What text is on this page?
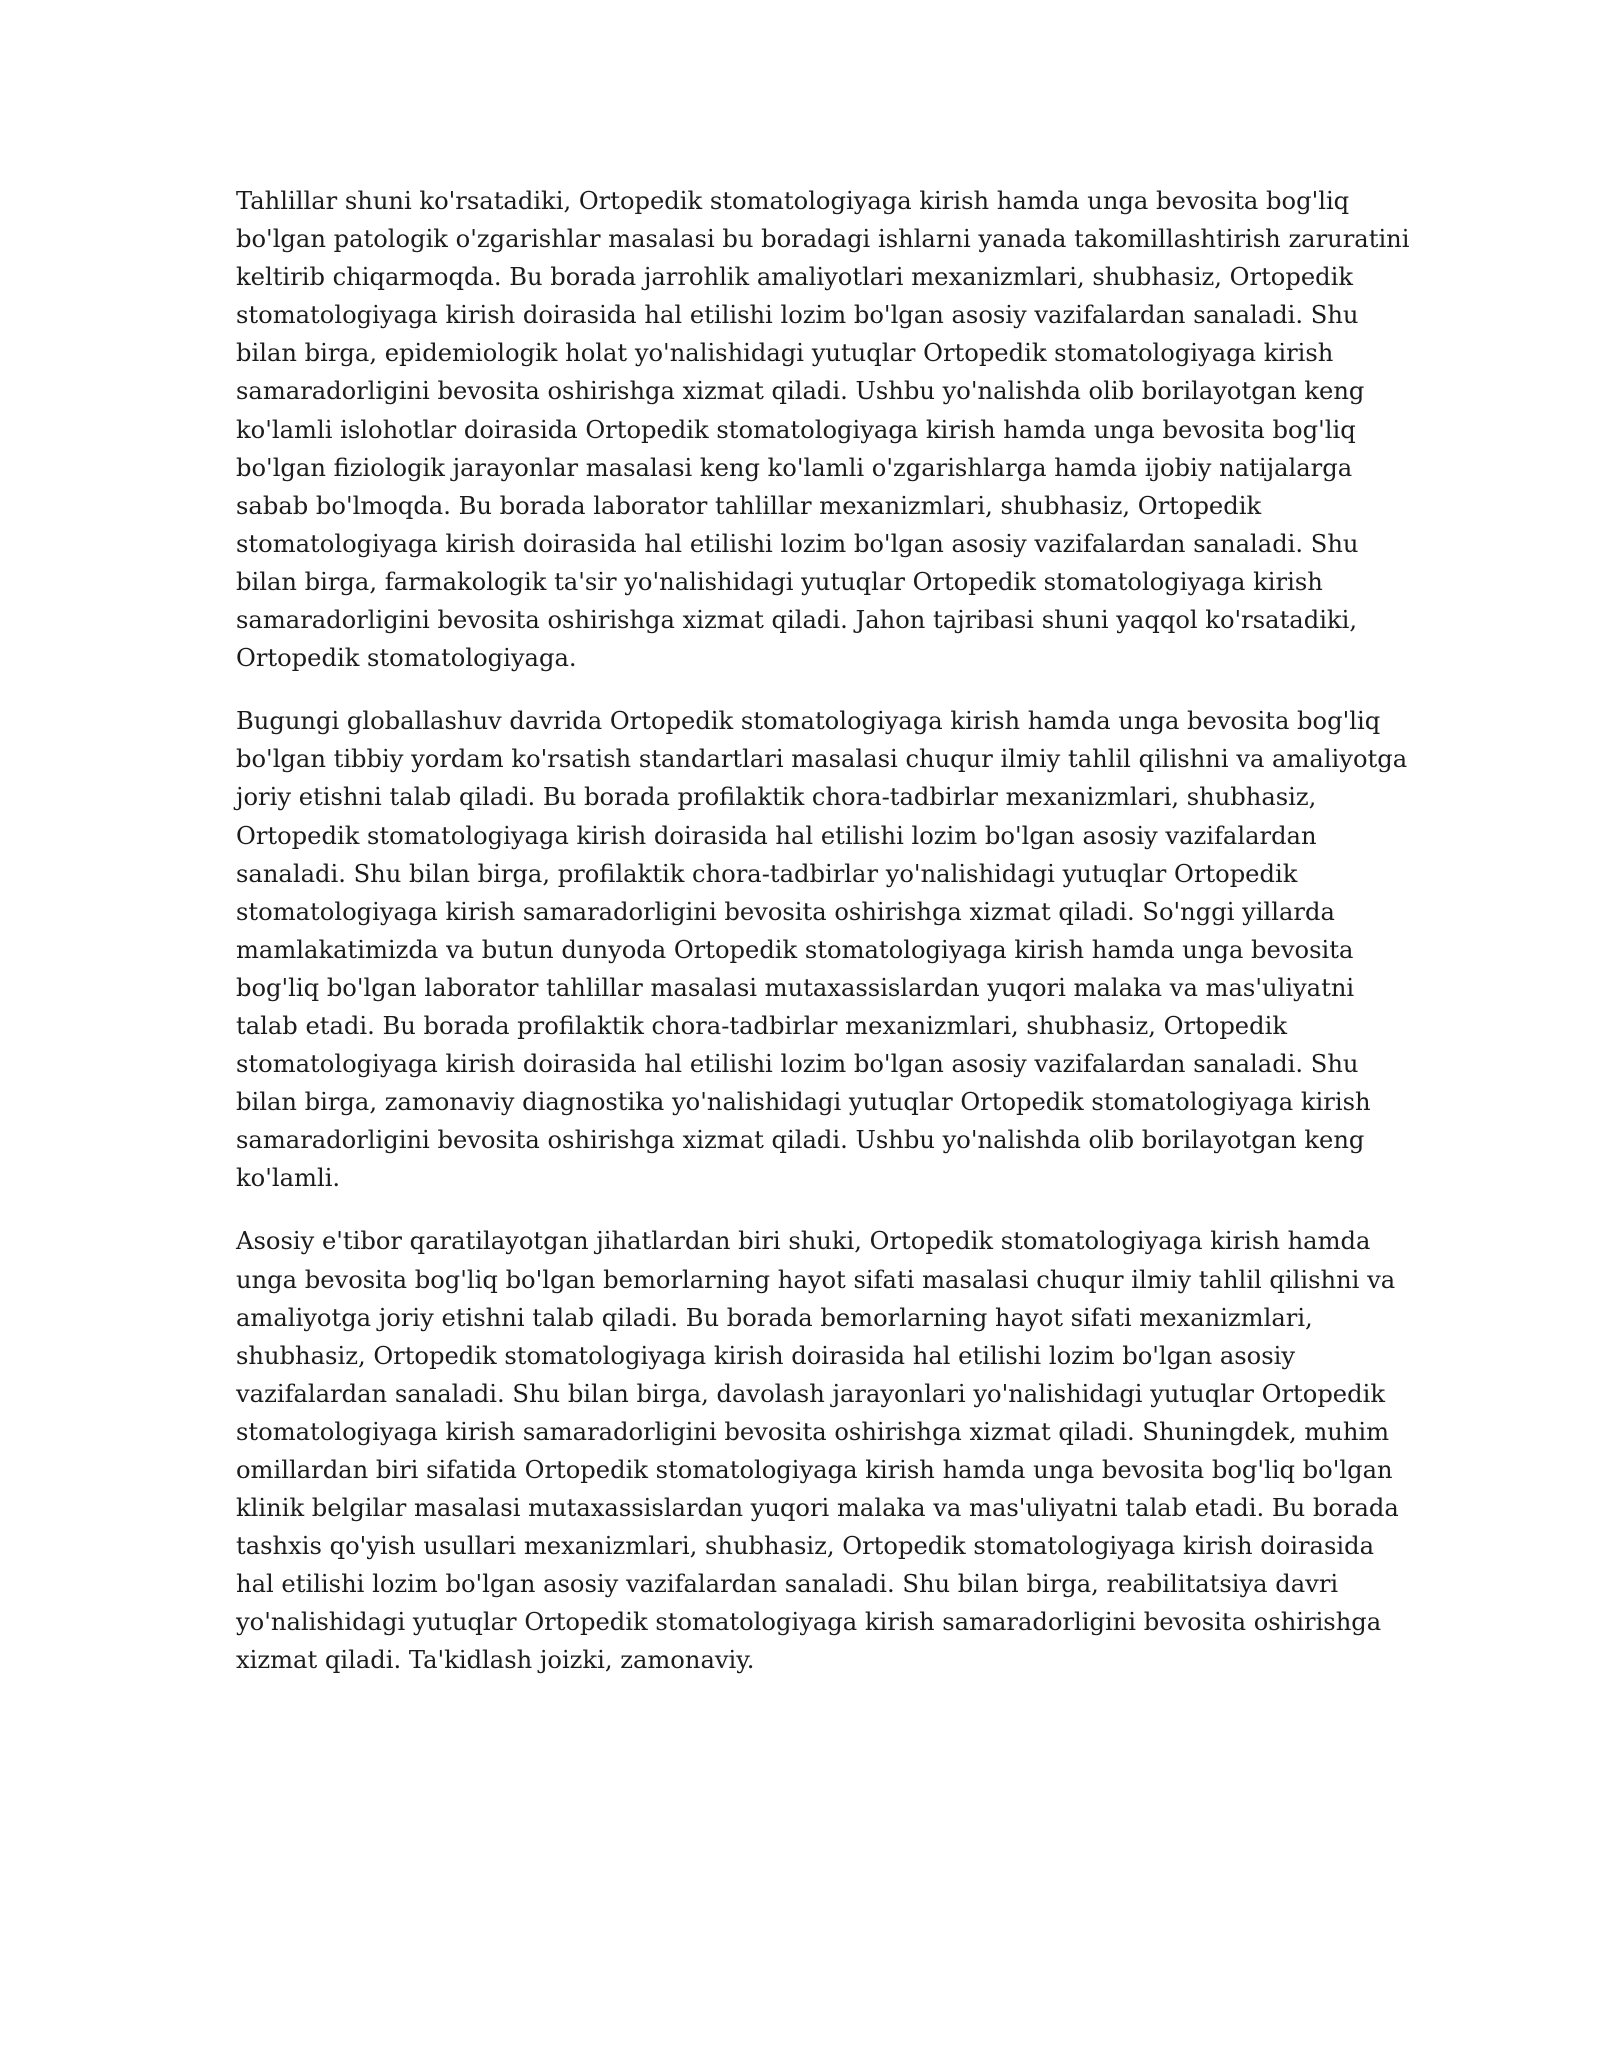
Tahlillar shuni ko'rsatadiki, Ortopedik stomatologiyaga kirish hamda unga bevosita bog'liq
bo'lgan patologik o'zgarishlar masalasi bu boradagi ishlarni yanada takomillashtirish zaruratini
keltirib chiqarmoqda. Bu borada jarrohlik amaliyotlari mexanizmlari, shubhasiz, Ortopedik
stomatologiyaga kirish doirasida hal etilishi lozim bo'lgan asosiy vazifalardan sanaladi. Shu
bilan birga, epidemiologik holat yo'nalishidagi yutuqlar Ortopedik stomatologiyaga kirish
samaradorligini bevosita oshirishga xizmat qiladi. Ushbu yo'nalishda olib borilayotgan keng
ko'lamli islohotlar doirasida Ortopedik stomatologiyaga kirish hamda unga bevosita bog'liq
bo'lgan fiziologik jarayonlar masalasi keng ko'lamli o'zgarishlarga hamda ijobiy natijalarga
sabab bo'lmoqda. Bu borada laborator tahlillar mexanizmlari, shubhasiz, Ortopedik
stomatologiyaga kirish doirasida hal etilishi lozim bo'lgan asosiy vazifalardan sanaladi. Shu
bilan birga, farmakologik ta'sir yo'nalishidagi yutuqlar Ortopedik stomatologiyaga kirish
samaradorligini bevosita oshirishga xizmat qiladi. Jahon tajribasi shuni yaqqol ko'rsatadiki,
Ortopedik stomatologiyaga.

Bugungi globallashuv davrida Ortopedik stomatologiyaga kirish hamda unga bevosita bog'liq
bo'lgan tibbiy yordam ko'rsatish standartlari masalasi chuqur ilmiy tahlil qilishni va amaliyotga
joriy etishni talab qiladi. Bu borada profilaktik chora-tadbirlar mexanizmlari, shubhasiz,
Ortopedik stomatologiyaga kirish doirasida hal etilishi lozim bo'lgan asosiy vazifalardan
sanaladi. Shu bilan birga, profilaktik chora-tadbirlar yo'nalishidagi yutuqlar Ortopedik
stomatologiyaga kirish samaradorligini bevosita oshirishga xizmat qiladi. So'nggi yillarda
mamlakatimizda va butun dunyoda Ortopedik stomatologiyaga kirish hamda unga bevosita
bog'liq bo'lgan laborator tahlillar masalasi mutaxassislardan yuqori malaka va mas'uliyatni
talab etadi. Bu borada profilaktik chora-tadbirlar mexanizmlari, shubhasiz, Ortopedik
stomatologiyaga kirish doirasida hal etilishi lozim bo'lgan asosiy vazifalardan sanaladi. Shu
bilan birga, zamonaviy diagnostika yo'nalishidagi yutuqlar Ortopedik stomatologiyaga kirish
samaradorligini bevosita oshirishga xizmat qiladi. Ushbu yo'nalishda olib borilayotgan keng
ko'lamli.

Asosiy e'tibor qaratilayotgan jihatlardan biri shuki, Ortopedik stomatologiyaga kirish hamda
unga bevosita bog'liq bo'lgan bemorlarning hayot sifati masalasi chuqur ilmiy tahlil qilishni va
amaliyotga joriy etishni talab qiladi. Bu borada bemorlarning hayot sifati mexanizmlari,
shubhasiz, Ortopedik stomatologiyaga kirish doirasida hal etilishi lozim bo'lgan asosiy
vazifalardan sanaladi. Shu bilan birga, davolash jarayonlari yo'nalishidagi yutuqlar Ortopedik
stomatologiyaga kirish samaradorligini bevosita oshirishga xizmat qiladi. Shuningdek, muhim
omillardan biri sifatida Ortopedik stomatologiyaga kirish hamda unga bevosita bog'liq bo'lgan
klinik belgilar masalasi mutaxassislardan yuqori malaka va mas'uliyatni talab etadi. Bu borada
tashxis qo'yish usullari mexanizmlari, shubhasiz, Ortopedik stomatologiyaga kirish doirasida
hal etilishi lozim bo'lgan asosiy vazifalardan sanaladi. Shu bilan birga, reabilitatsiya davri
yo'nalishidagi yutuqlar Ortopedik stomatologiyaga kirish samaradorligini bevosita oshirishga
xizmat qiladi. Ta'kidlash joizki, zamonaviy.
